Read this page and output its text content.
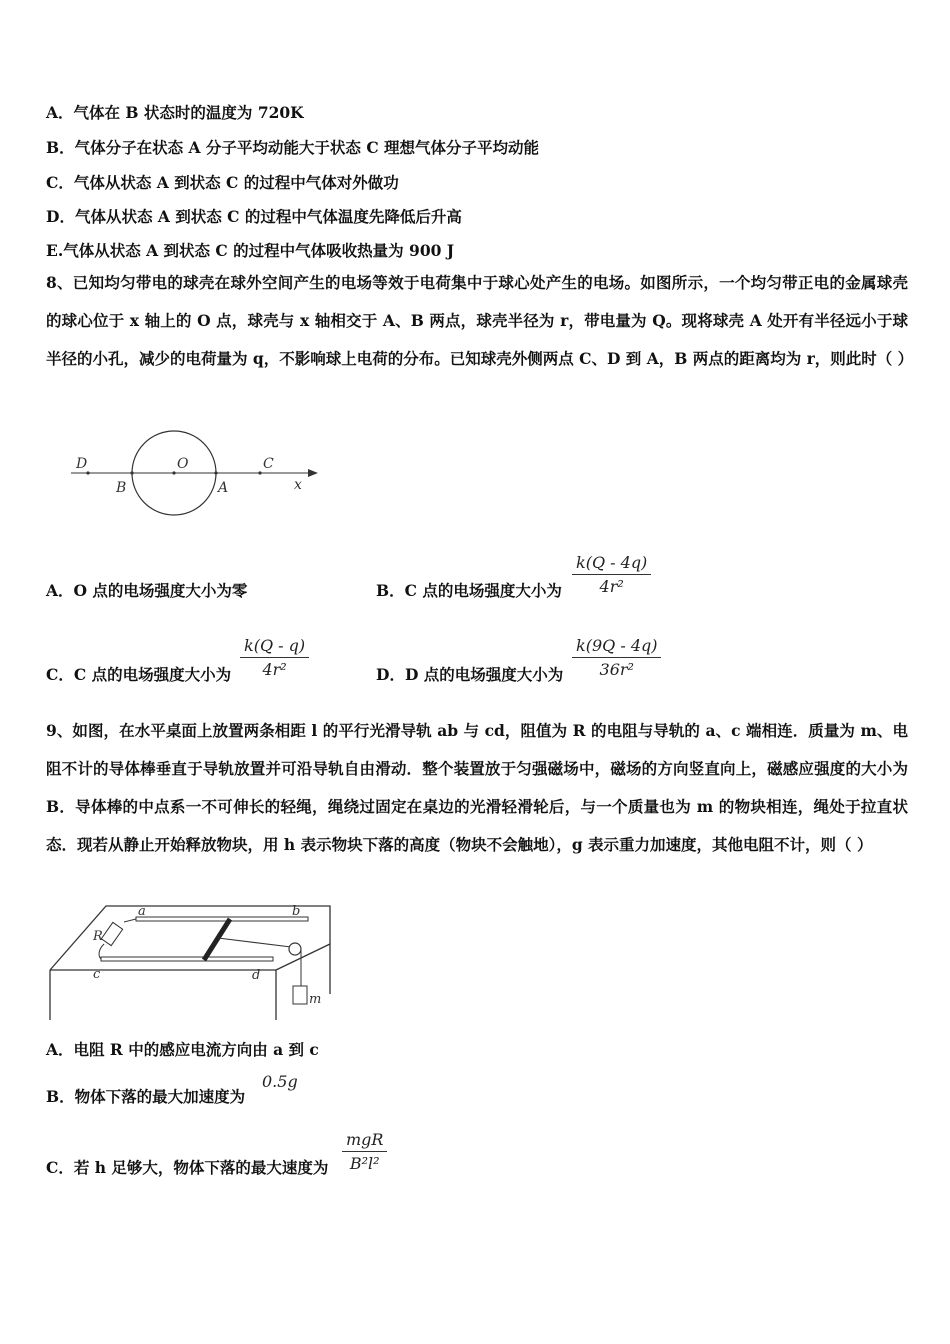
A．气体在 B 状态时的温度为 720K
B．气体分子在状态 A 分子平均动能大于状态 C 理想气体分子平均动能
C．气体从状态 A 到状态 C 的过程中气体对外做功
D．气体从状态 A 到状态 C 的过程中气体温度先降低后升高
E.气体从状态 A 到状态 C 的过程中气体吸收热量为 900 J
8、已知均匀带电的球壳在球外空间产生的电场等效于电荷集中于球心处产生的电场。如图所示，一个均匀带正电的金属球壳的球心位于 x 轴上的 O 点，球壳与 x 轴相交于 A、B 两点，球壳半径为 r，带电量为 Q。现将球壳 A 处开有半径远小于球半径的小孔，减少的电荷量为 q，不影响球上电荷的分布。已知球壳外侧两点 C、D 到 A，B 两点的距离均为 r，则此时（ ）
D	O	C
B	A	x
A．O 点的电场强度大小为零	B．C 点的电场强度大小为 $\frac{k(Q - 4q)}{\text{4r²}}$
C．C 点的电场强度大小为 $\frac{k(Q - q)}{\text{4r²}}$	D．D 点的电场强度大小为 $\frac{k(9Q - 4q)}{\text{36r²}}$
9、如图，在水平桌面上放置两条相距 l 的平行光滑导轨 ab 与 cd，阻值为 R 的电阻与导轨的 a、c 端相连．质量为 m、电阻不计的导体棒垂直于导轨放置并可沿导轨自由滑动．整个装置放于匀强磁场中，磁场的方向竖直向上，磁感应强度的大小为 B．导体棒的中点系一不可伸长的轻绳，绳绕过固定在桌边的光滑轻滑轮后，与一个质量也为 m 的物块相连，绳处于拉直状态．现若从静止开始释放物块，用 h 表示物块下落的高度（物块不会触地），g 表示重力加速度，其他电阻不计，则（ ）
a	b
R
c	d
m
A．电阻 R 中的感应电流方向由 a 到 c
B．物体下落的最大加速度为
0.5g
C．若 h 足够大，物体下落的最大速度为
mgR
B²l²
